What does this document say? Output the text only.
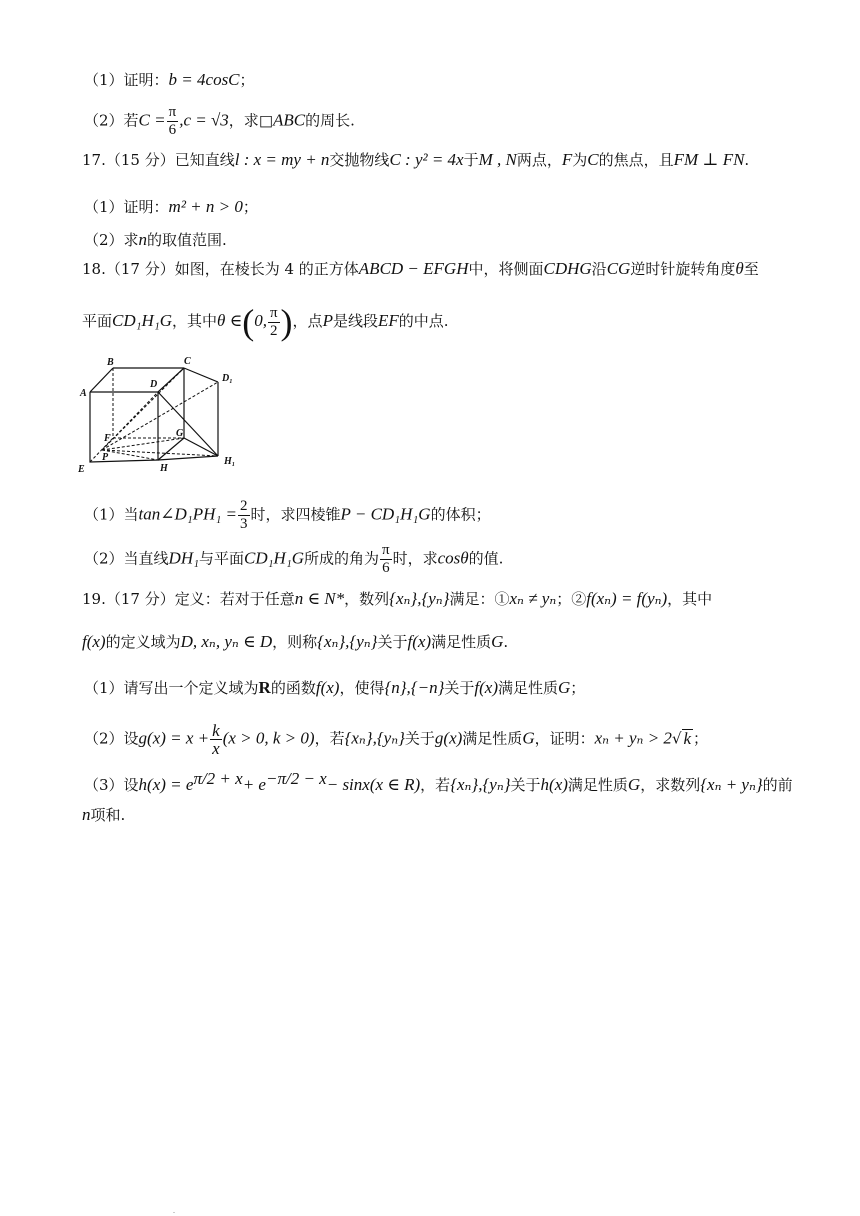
（1）证明：b = 4cosC；
（2）若$C = \frac{\pi}{6} ,c = √3$，求□ABC的周长.
17.（15 分）已知直线l : x = my + n交抛物线C : y² = 4x于M , N两点，F为C的焦点，且FM ⊥ FN.
（1）证明：m² + n > 0；
（2）求n的取值范围.
18.（17 分）如图，在棱长为 4 的正方体ABCD − EFGH中，将侧面CDHG沿CG逆时针旋转角度θ至
平面CD₁H₁G，其中θ ∈(0, $\frac{\pi}{2}$ )，点P是线段EF的中点.
A
B	C
D
D₁
E
F	G
H
H₁
P
（1）当tan∠D₁PH₁ = $\frac{2}{3}$ 时，求四棱锥P − CD₁H₁G的体积；
（2）当直线DH₁与平面CD₁H₁G所成的角为 $\frac{\pi}{6}$ 时，求cosθ的值.
19.（17 分）定义：若对于任意n ∈ N*，数列{xₙ},{yₙ}满足：①xₙ ≠ yₙ；②f(xₙ) = f(yₙ)，其中
f(x)的定义域为D, xₙ, yₙ ∈ D，则称{xₙ},{yₙ}关于f(x)满足性质G.
（1）请写出一个定义域为R的函数f(x)，使得{n},{−n}关于f(x)满足性质G；
（2）设$g(x) = x + \frac{k}{x} (x > 0$, k > 0)，若{xₙ},{yₙ}关于g(x)满足性质G，证明：xₙ + yₙ > 2√ k ；
（3）设$h(x) = e^{\pi/2 + x}+ e^{-\pi/2 - x}- \sin x(x$ ∈ R)，若{xₙ},{yₙ}关于h(x)满足性质G，求数列{xₙ + yₙ}的前
n项和.
